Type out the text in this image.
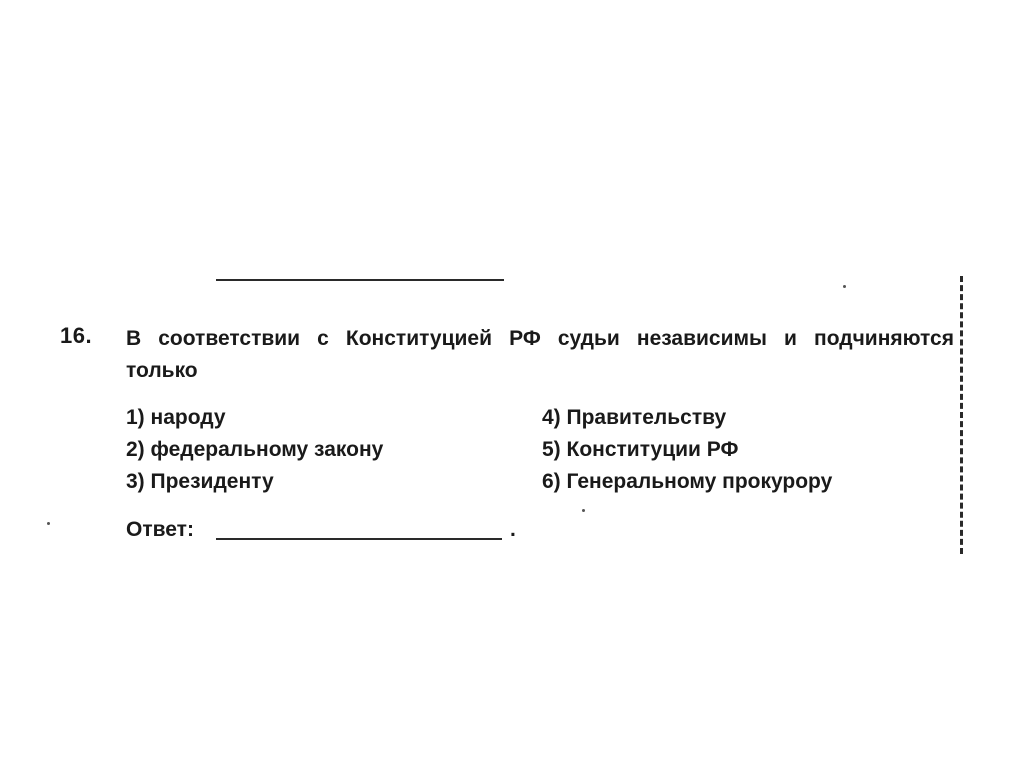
16. В соответствии с Конституцией РФ судьи независимы и подчиняются только
1) народу	4) Правительству
2) федеральному закону	5) Конституции РФ
3) Президенту	6) Генеральному прокурору
Ответ:	.
